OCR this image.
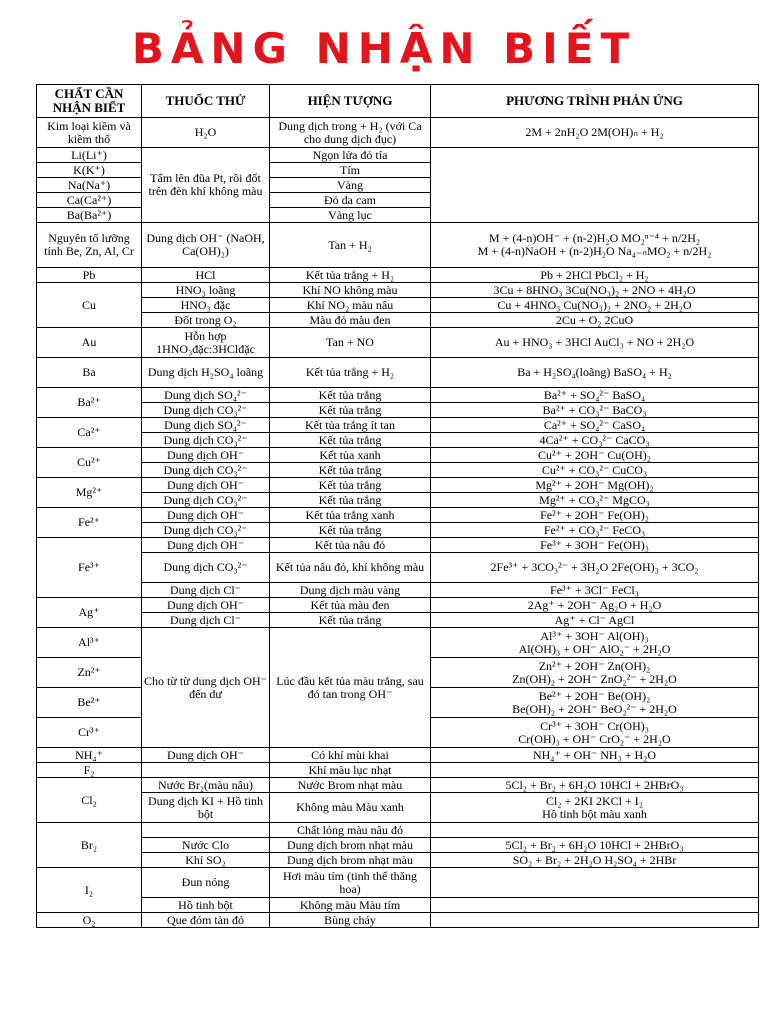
BẢNG NHẬN BIẾT
CHẤT CẦN NHẬN BIẾT	THUỐC THỬ	HIỆN TƯỢNG	PHƯƠNG TRÌNH PHẢN ỨNG
Kim loại kiềm và kiềm thổ	H₂O	Dung dịch trong + H₂ (với Ca cho dung dịch đục)	2M + 2nH₂O 2M(OH)ₙ + H₂
Li(Li⁺)	Tẩm lên đũa Pt, rồi đốt trên đèn khí không màu	Ngọn lửa đỏ tía	
K(K⁺)		Tím	
Na(Na⁺)		Vàng	
Ca(Ca²⁺)		Đỏ da cam	
Ba(Ba²⁺)		Vàng lục	
Nguyên tố lưỡng tính Be, Zn, Al, Cr	Dung dịch OH⁻ (NaOH, Ca(OH)₂)	Tan + H₂	M + (4-n)OH⁻ + (n-2)H₂O MO₂ⁿ⁻⁴ + n/2H₂
M + (4-n)NaOH + (n-2)H₂O Na₄₋ₙMO₂ + n/2H₂
Pb	HCl	Kết tủa trắng + H₂	Pb + 2HCl PbCl₂ + H₂
Cu	HNO₃ loãng	Khí NO không màu	3Cu + 8HNO₃ 3Cu(NO₃)₂ + 2NO + 4H₂O
	HNO₃ đặc	Khí NO₂ màu nâu	Cu + 4HNO₃ Cu(NO₃)₂ + 2NO₂ + 2H₂O
	Đốt trong O₂	Màu đỏ màu đen	2Cu + O₂ 2CuO
Au	Hỗn hợp 1HNO₃đặc:3HClđặc	Tan + NO	Au + HNO₃ + 3HCl AuCl₃ + NO + 2H₂O
Ba	Dung dịch H₂SO₄ loãng	Kết tủa trắng + H₂	Ba + H₂SO₄(loãng) BaSO₄ + H₂
Ba²⁺	Dung dịch SO₄²⁻	Kết tủa trắng	Ba²⁺ + SO₄²⁻ BaSO₄
	Dung dịch CO₃²⁻	Kết tủa trắng	Ba²⁺ + CO₃²⁻ BaCO₃
Ca²⁺	Dung dịch SO₄²⁻	Kết tủa trắng ít tan	Ca²⁺ + SO₄²⁻ CaSO₄
	Dung dịch CO₃²⁻	Kết tủa trắng	4Ca²⁺ + CO₃²⁻ CaCO₃
Cu²⁺	Dung dịch OH⁻	Kết tủa xanh	Cu²⁺ + 2OH⁻ Cu(OH)₂
	Dung dịch CO₃²⁻	Kết tủa trắng	Cu²⁺ + CO₃²⁻ CuCO₃
Mg²⁺	Dung dịch OH⁻	Kết tủa trắng	Mg²⁺ + 2OH⁻ Mg(OH)₂
	Dung dịch CO₃²⁻	Kết tủa trắng	Mg²⁺ + CO₃²⁻ MgCO₃
Fe²⁺	Dung dịch OH⁻	Kết tủa trắng xanh	Fe²⁺ + 2OH⁻ Fe(OH)₂
	Dung dịch CO₃²⁻	Kết tủa trắng	Fe²⁺ + CO₃²⁻ FeCO₃
Fe³⁺	Dung dịch OH⁻	Kết tủa nâu đỏ	Fe³⁺ + 3OH⁻ Fe(OH)₃
	Dung dịch CO₃²⁻	Kết tủa nâu đỏ, khí không màu	2Fe³⁺ + 3CO₃²⁻ + 3H₂O 2Fe(OH)₃ + 3CO₂
	Dung dịch Cl⁻	Dung dịch màu vàng	Fe³⁺ + 3Cl⁻ FeCl₃
Ag⁺	Dung dịch OH⁻	Kết tủa màu đen	2Ag⁺ + 2OH⁻ Ag₂O + H₂O
	Dung dịch Cl⁻	Kết tủa trắng	Ag⁺ + Cl⁻ AgCl
Al³⁺	Cho từ từ dung dịch OH⁻ đến dư	Lúc đầu kết tủa màu trắng, sau đó tan trong OH⁻	Al³⁺ + 3OH⁻ Al(OH)₃
Al(OH)₃ + OH⁻ AlO₂⁻ + 2H₂O
Zn²⁺			Zn²⁺ + 2OH⁻ Zn(OH)₂
Zn(OH)₂ + 2OH⁻ ZnO₂²⁻ + 2H₂O
Be²⁺			Be²⁺ + 2OH⁻ Be(OH)₂
Be(OH)₂ + 2OH⁻ BeO₂²⁻ + 2H₂O
Cr³⁺			Cr³⁺ + 3OH⁻ Cr(OH)₃
Cr(OH)₃ + OH⁻ CrO₂⁻ + 2H₂O
NH₄⁺	Dung dịch OH⁻	Có khí mùi khai	NH₄⁺ + OH⁻ NH₃ + H₂O
F₂		Khí màu lục nhạt	
Cl₂	Nước Br₂(màu nâu)	Nước Brom nhạt màu	5Cl₂ + Br₂ + 6H₂O 10HCl + 2HBrO₃
	Dung dịch KI + Hồ tinh bột	Không màu Màu xanh	Cl₂ + 2KI 2KCl + I₂
Hồ tinh bột màu xanh
Br₂		Chất lỏng màu nâu đỏ	
	Nước Clo	Dung dịch brom nhạt màu	5Cl₂ + Br₂ + 6H₂O 10HCl + 2HBrO₃
	Khí SO₂	Dung dịch brom nhạt màu	SO₂ + Br₂ + 2H₂O H₂SO₄ + 2HBr
I₂	Đun nóng	Hơi màu tím (tinh thể thăng hoa)	
	Hồ tinh bột	Không màu Màu tím	
O₂	Que đóm tàn đỏ	Bùng cháy	
